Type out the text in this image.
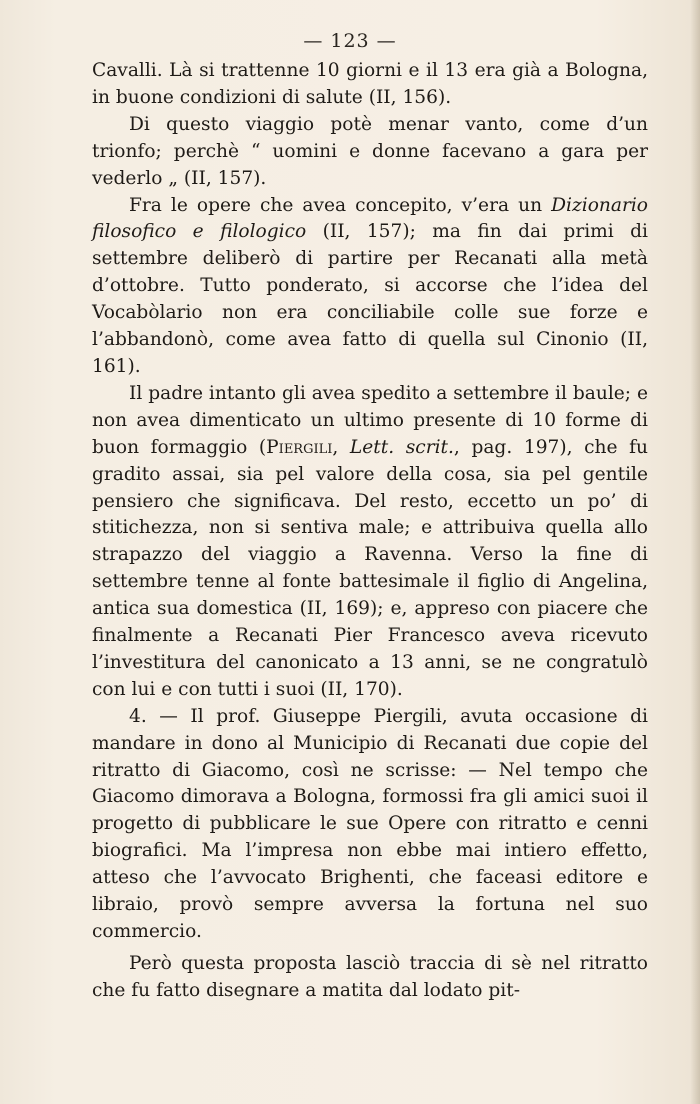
— 123 —

Cavalli. Là si trattenne 10 giorni e il 13 era già a Bologna, in buone condizioni di salute (II, 156).

Di questo viaggio potè menar vanto, come d’un trionfo; perchè “ uomini e donne facevano a gara per vederlo „ (II, 157).

Fra le opere che avea concepito, v’era un Dizionario filosofico e filologico (II, 157); ma fin dai primi di settembre deliberò di partire per Recanati alla metà d’ottobre. Tutto ponderato, si accorse che l’idea del Vocabòlario non era conciliabile colle sue forze e l’abbandonò, come avea fatto di quella sul Cinonio (II, 161).

Il padre intanto gli avea spedito a settembre il baule; e non avea dimenticato un ultimo presente di 10 forme di buon formaggio (Piergili, Lett. scrit., pag. 197), che fu gradito assai, sia pel valore della cosa, sia pel gentile pensiero che significava. Del resto, eccetto un po’ di stitichezza, non si sentiva male; e attribuiva quella allo strapazzo del viaggio a Ravenna. Verso la fine di settembre tenne al fonte battesimale il figlio di Angelina, antica sua domestica (II, 169); e, appreso con piacere che finalmente a Recanati Pier Francesco aveva ricevuto l’investitura del canonicato a 13 anni, se ne congratulò con lui e con tutti i suoi (II, 170).

4. — Il prof. Giuseppe Piergili, avuta occasione di mandare in dono al Municipio di Recanati due copie del ritratto di Giacomo, così ne scrisse: — Nel tempo che Giacomo dimorava a Bologna, formossi fra gli amici suoi il progetto di pubblicare le sue Opere con ritratto e cenni biografici. Ma l’impresa non ebbe mai intiero effetto, atteso che l’avvocato Brighenti, che faceasi editore e libraio, provò sempre avversa la fortuna nel suo commercio.

Però questa proposta lasciò traccia di sè nel ritratto che fu fatto disegnare a matita dal lodato pit-
